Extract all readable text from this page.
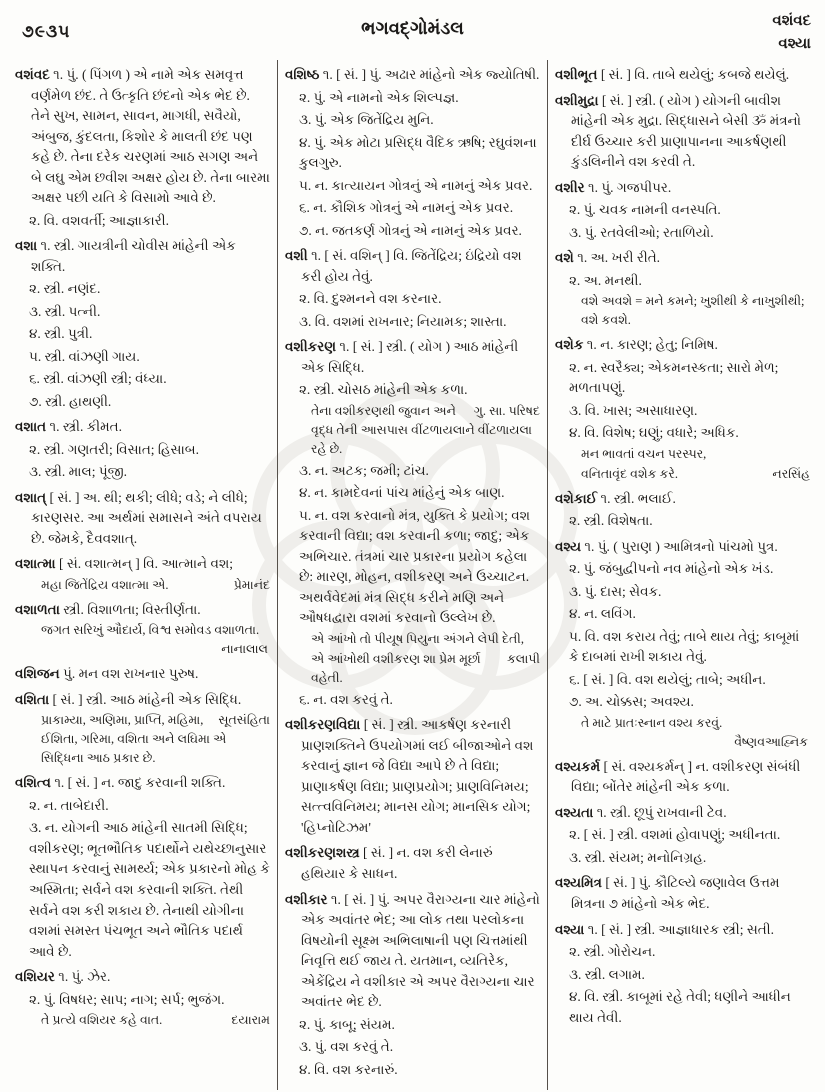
૭૯૩૫	ભગવદ્ગોમંડલ	વશંવદ
વશ્યા

વશંવદ ૧. પું. ( પિંગળ ) એ નામે એક સમવૃત્ત વર્ણમેળ છંદ. તે ઉત્કૃતિ છંદનો એક ભેદ છે. તેને સુખ, સામન, સાવન, માગધી, સવૈયો, અંબુજ, કુંદલતા, કિશોર કે માલતી છંદ પણ કહે છે. તેના દરેક ચરણમાં આઠ સગણ અને બે લઘુ એમ છવીશ અક્ષર હોય છે. તેના બારમા અક્ષર પછી યતિ કે વિસામો આવે છે.

૨. વિ. વશવર્તી; આજ્ઞાકારી.

વશા ૧. સ્ત્રી. ગાયત્રીની ચોવીસ માંહેની એક શક્તિ.

૨. સ્ત્રી. નણંદ.

૩. સ્ત્રી. પત્ની.

૪. સ્ત્રી. પુત્રી.

૫. સ્ત્રી. વાંઝણી ગાય.

૬. સ્ત્રી. વાંઝણી સ્ત્રી; વંધ્યા.

૭. સ્ત્રી. હાથણી.

વશાત ૧. સ્ત્રી. કીમત.

૨. સ્ત્રી. ગણતરી; વિસાત; હિસાબ.

૩. સ્ત્રી. માલ; પૂંજી.

વશાત્ [ સં. ] અ. થી; થકી; લીધે; વડે; ને લીધે; કારણસર. આ અર્થમાં સમાસને અંતે વપરાય છે. જેમકે, દૈવવશાત્.

વશાત્મા [ સં. વશાત્મન્ ] વિ. આત્માને વશ;

પ્રેમાનંદ
મહા જિતેંદ્રિય વશાત્મા એ.

વશાળતા સ્ત્રી. વિશાળતા; વિસ્તીર્ણતા.

જગત સરિખું ઔદાર્ય, વિશ્વ સમોવડ વશાળતા.

નાનાલાલ

વશિજન પું. મન વશ રાખનાર પુરુષ.

વશિતા [ સં. ] સ્ત્રી. આઠ માંહેની એક સિદ્ધિ.

સૂતસંહિતા
પ્રાકામ્યા, અણિમા, પ્રાપ્તિ, મહિમા, ઈશિતા, ગરિમા, વશિતા અને લઘિમા એ સિદ્ધિના આઠ પ્રકાર છે.

વશિત્વ ૧. [ સં. ] ન. જાદુ કરવાની શક્તિ.

૨. ન. તાબેદારી.

૩. ન. યોગની આઠ માંહેની સાતમી સિદ્ધિ; વશીકરણ; ભૂતભૌતિક પદાર્થોને યથેચ્છાનુસાર સ્થાપન કરવાનું સામર્થ્ય; એક પ્રકારનો મોહ કે અસ્મિતા; સર્વને વશ કરવાની શક્તિ. તેથી સર્વને વશ કરી શકાય છે. તેનાથી યોગીના વશમાં સમસ્ત પંચભૂત અને ભૌતિક પદાર્થ આવે છે.

વશિયર ૧. પું. ઝેર.

૨. પું. વિષધર; સાપ; નાગ; સર્પ; ભુજંગ.

દયારામ
તે પ્રત્યે વશિયર કહે વાત.

વશિષ્ઠ ૧. [ સં. ] પું. અઢાર માંહેનો એક જ્યોતિષી.

૨. પું. એ નામનો એક શિલ્પજ્ઞ.

૩. પું. એક જિતેંદ્રિય મુનિ.

૪. પું. એક મોટા પ્રસિદ્ધ વૈદિક ઋષિ; રઘુવંશના કુલગુરુ.

૫. ન. કાત્યાયન ગોત્રનું એ નામનું એક પ્રવર.

૬. ન. કૌશિક ગોત્રનું એ નામનું એક પ્રવર.

૭. ન. જતકર્ણ ગોત્રનું એ નામનું એક પ્રવર.

વશી ૧. [ સં. વશિન્ ] વિ. જિતેંદ્રિય; ઇંદ્રિયો વશ કરી હોય તેવું.

૨. વિ. દુશ્મનને વશ કરનાર.

૩. વિ. વશમાં રાખનાર; નિયામક; શાસ્તા.

વશીકરણ ૧. [ સં. ] સ્ત્રી. ( યોગ ) આઠ માંહેની એક સિદ્ધિ.

૨. સ્ત્રી. ચોસઠ માંહેની એક કળા.

ગુ. સા. પરિષદ
તેના વશીકરણથી જુવાન અને વૃદ્ધ તેની આસપાસ વીંટળાયલાને વીંટળાયલા રહે છે.

૩. ન. અટક; જમી; ટાંચ.

૪. ન. કામદેવનાં પાંચ માંહેનું એક બાણ.

૫. ન. વશ કરવાનો મંત્ર, યુક્તિ કે પ્રયોગ; વશ કરવાની વિદ્યા; વશ કરવાની કળા; જાદુ; એક અભિચાર. તંત્રમાં ચાર પ્રકારના પ્રયોગ કહેલા છે: મારણ, મોહન, વશીકરણ અને ઉચ્ચાટન. અથર્વવેદમાં મંત્ર સિદ્ધ કરીને મણિ અને ઔષધદ્વારા વશમાં કરવાનો ઉલ્લેખ છે.

એ આંખો તો પીયૂષ પિયુના અંગને લેપી દેતી,

કલાપી
એ આંખોથી વશીકરણ શા પ્રેમ મૂર્છા વહેતી.

૬. ન. વશ કરવું તે.

વશીકરણવિદ્યા [ સં. ] સ્ત્રી. આકર્ષણ કરનારી પ્રાણશક્તિને ઉપયોગમાં લઈ બીજાઓને વશ કરવાનું જ્ઞાન જે વિદ્યા આપે છે તે વિદ્યા; પ્રાણાકર્ષણ વિદ્યા; પ્રાણપ્રયોગ; પ્રાણવિનિમય; સત્ત્વવિનિમય; માનસ યોગ; માનસિક યોગ; 'હિપ્નોટિઝમ'

વશીકરણશસ્ત્ર [ સં. ] ન. વશ કરી લેનારું હથિયાર કે સાધન.

વશીકાર ૧. [ સં. ] પું. અપર વૈરાગ્યના ચાર માંહેનો એક અવાંતર ભેદ; આ લોક તથા પરલોકના વિષયોની સૂક્ષ્મ અભિલાષાની પણ ચિત્તમાંથી નિવૃત્તિ થઈ જાય તે. યતમાન, વ્યતિરેક, એકેંદ્રિય ને વશીકાર એ અપર વૈરાગ્યના ચાર અવાંતર ભેદ છે.

૨. પું. કાબૂ; સંયમ.

૩. પું. વશ કરવું તે.

૪. વિ. વશ કરનારું.

વશીભૂત [ સં. ] વિ. તાબે થયેલું; કબજે થયેલું.

વશીમુદ્રા [ સં. ] સ્ત્રી. ( યોગ ) યોગની બાવીશ માંહેની એક મુદ્રા. સિદ્ધાસને બેસી ૐ મંત્રનો દીર્ઘ ઉચ્ચાર કરી પ્રાણાપાનના આકર્ષણથી કુંડલિનીને વશ કરવી તે.

વશીર ૧. પું. ગજપીપર.

૨. પું. ચવક નામની વનસ્પતિ.

૩. પું. રતવેલીઓ; રતાળિયો.

વશે ૧. અ. ખરી રીતે.

૨. અ. મનથી.

વશે અવશે = મને કમને; ખુશીથી કે નાખુશીથી; વશે કવશે.

વશેક ૧. ન. કારણ; હેતુ; નિમિષ.

૨. ન. સ્વરૈક્ય; એકમનસ્કતા; સારો મેળ; મળતાપણું.

૩. વિ. ખાસ; અસાધારણ.

૪. વિ. વિશેષ; ઘણું; વધારે; અધિક.

મન ભાવતાં વચન પરસ્પર,

નરસિંહ
વનિતાવૃંદ વશેક કરે.

વશેકાઈ ૧. સ્ત્રી. ભલાઈ.

૨. સ્ત્રી. વિશેષતા.

વશ્ય ૧. પું. ( પુરાણ ) આમિત્રનો પાંચમો પુત્ર.

૨. પું. જંબુદ્વીપનો નવ માંહેનો એક ખંડ.

૩. પું. દાસ; સેવક.

૪. ન. લવિંગ.

૫. વિ. વશ કરાય તેવું; તાબે થાય તેવું; કાબૂમાં કે દાબમાં રાખી શકાય તેવું.

૬. [ સં. ] વિ. વશ થયેલું; તાબે; અધીન.

૭. અ. ચોક્કસ; અવશ્ય.

તે માટે પ્રાતઃસ્નાન વશ્ય કરવું.

વૈષ્ણવઆહ્નિક

વશ્યકર્મ [ સં. વશ્યકર્મન્ ] ન. વશીકરણ સંબંધી વિદ્યા; બોંતેર માંહેની એક કળા.

વશ્યતા ૧. સ્ત્રી. છૂપું રાખવાની ટેવ.

૨. [ સં. ] સ્ત્રી. વશમાં હોવાપણું; અધીનતા.

૩. સ્ત્રી. સંયમ; મનોનિગ્રહ.

વશ્યમિત્ર [ સં. ] પું. કૌટિલ્યે જણાવેલ ઉત્તમ મિત્રના ૭ માંહેનો એક ભેદ.

વશ્યા ૧. [ સં. ] સ્ત્રી. આજ્ઞાધારક સ્ત્રી; સતી.

૨. સ્ત્રી. ગોરોચન.

૩. સ્ત્રી. લગામ.

૪. વિ. સ્ત્રી. કાબૂમાં રહે તેવી; ધણીને આધીન થાય તેવી.
